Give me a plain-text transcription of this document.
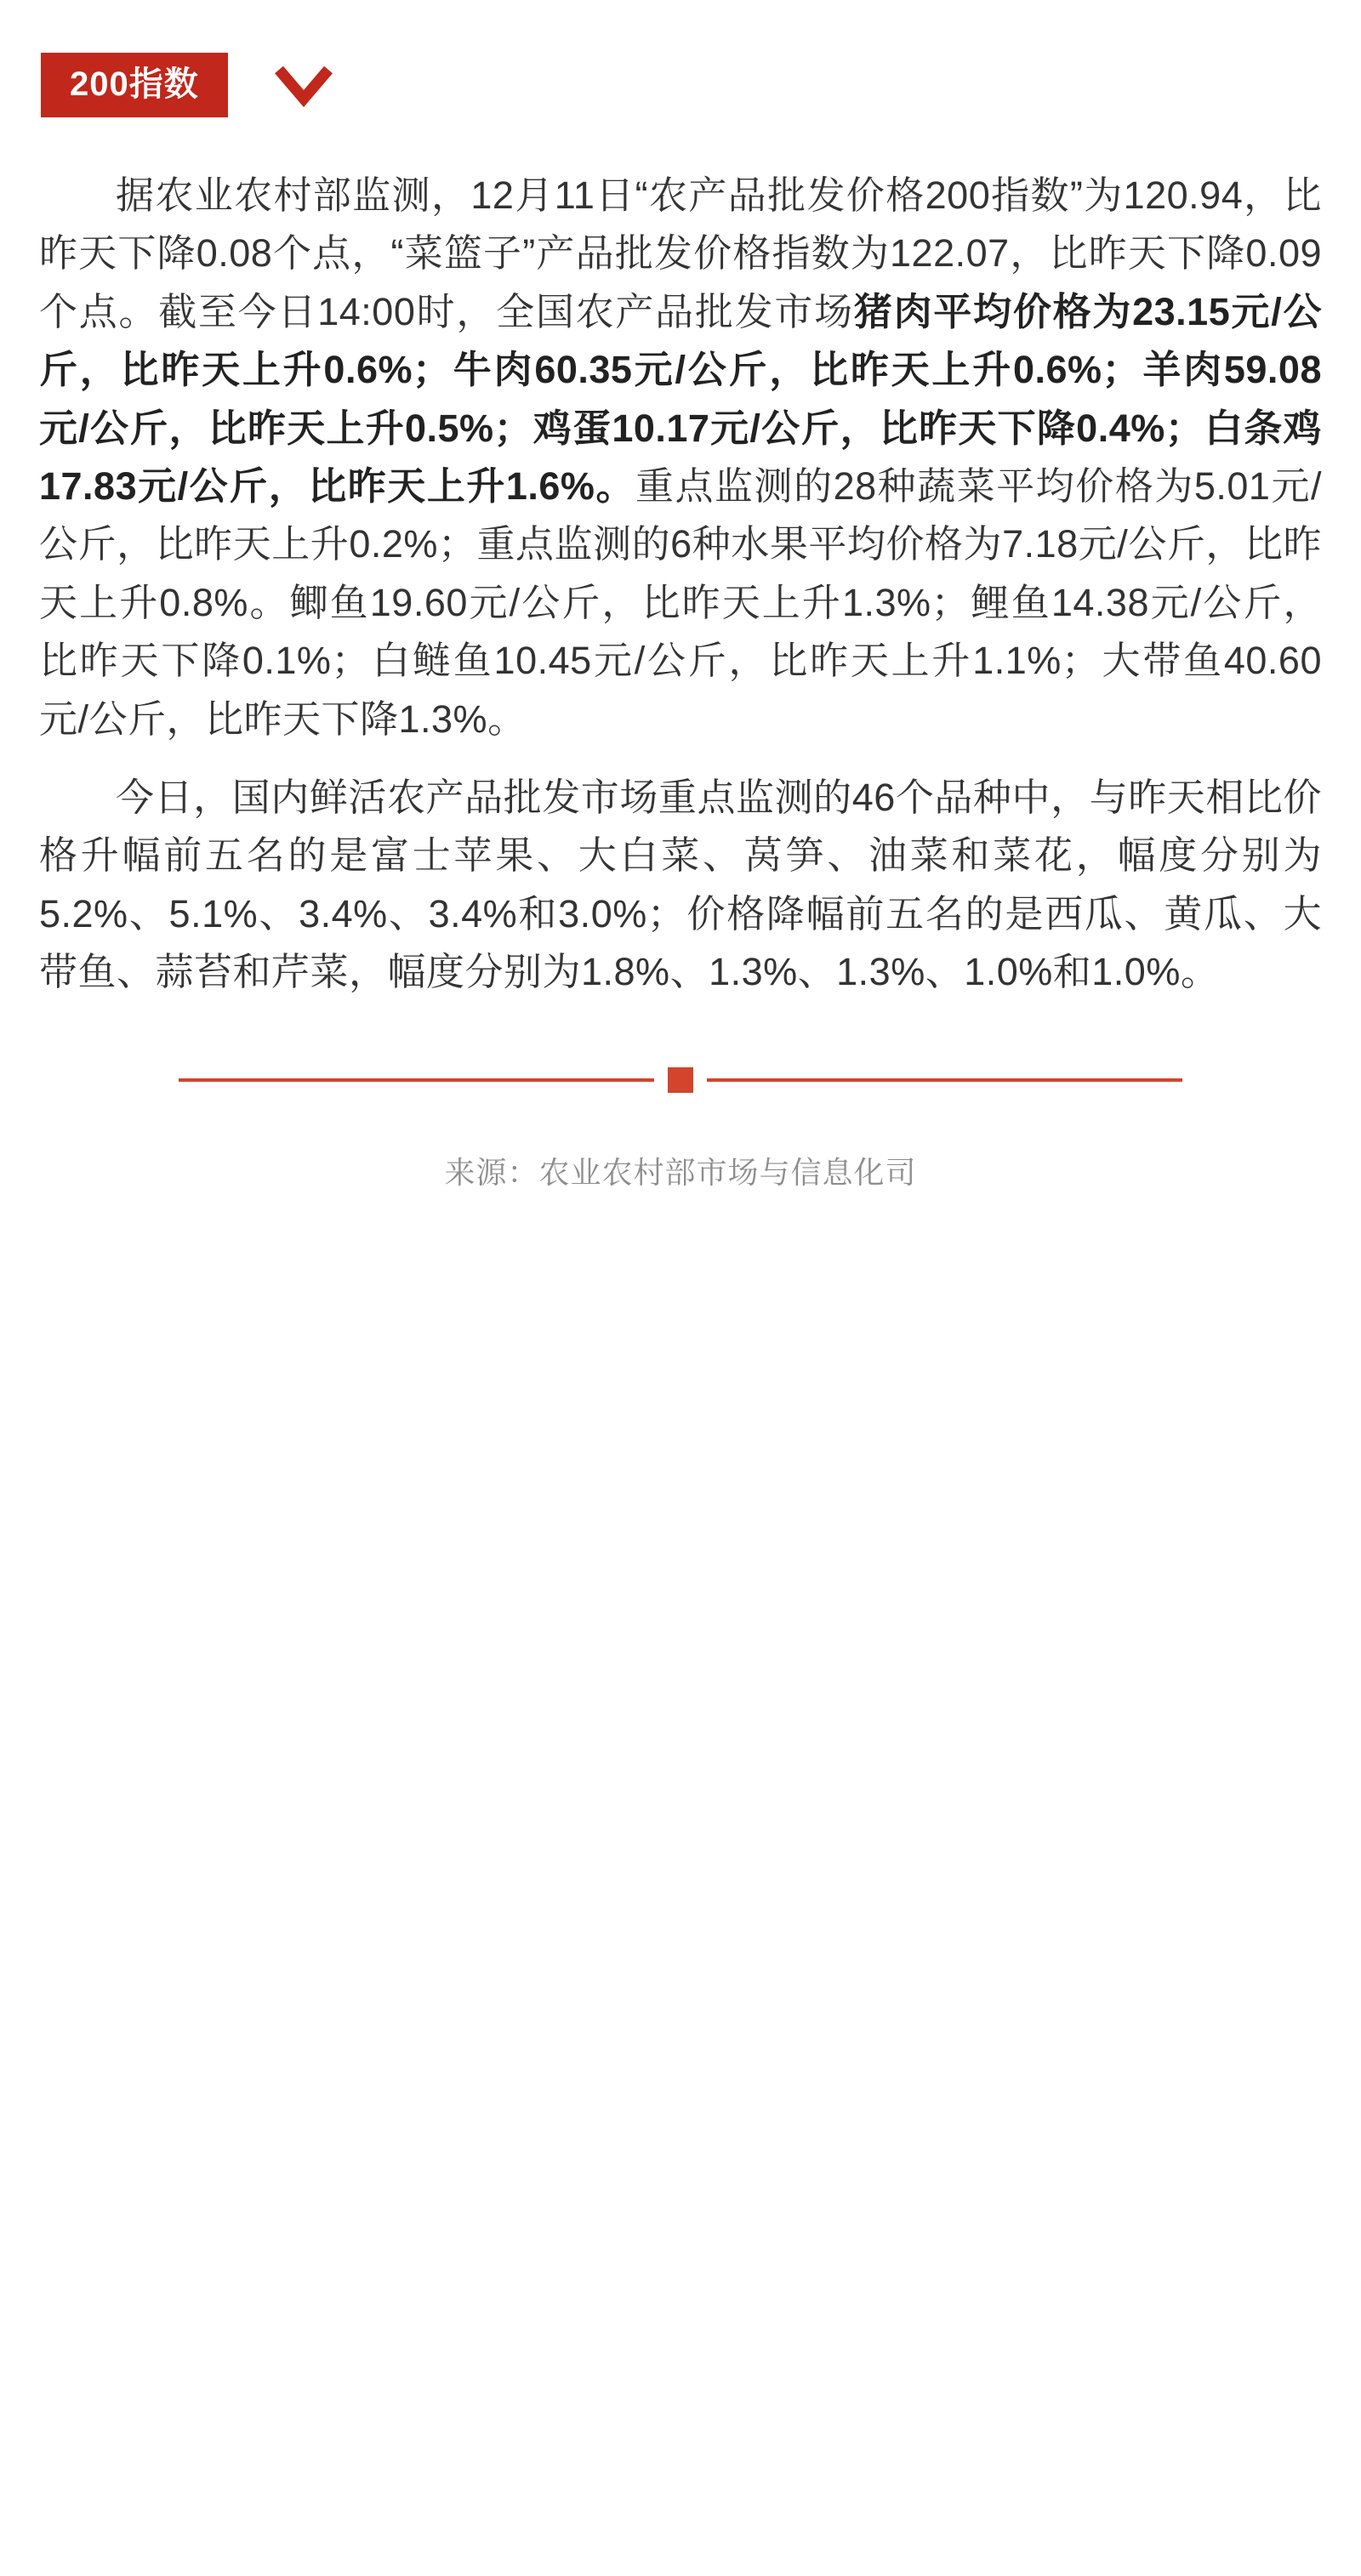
200指数

据农业农村部监测，12月11日“农产品批发价格200指数”为120.94，比昨天下降0.08个点，“菜篮子”产品批发价格指数为122.07，比昨天下降0.09个点。截至今日14:00时，全国农产品批发市场猪肉平均价格为23.15元/公斤，比昨天上升0.6%；牛肉60.35元/公斤，比昨天上升0.6%；羊肉59.08元/公斤，比昨天上升0.5%；鸡蛋10.17元/公斤，比昨天下降0.4%；白条鸡17.83元/公斤，比昨天上升1.6%。重点监测的28种蔬菜平均价格为5.01元/公斤，比昨天上升0.2%；重点监测的6种水果平均价格为7.18元/公斤，比昨天上升0.8%。鲫鱼19.60元/公斤，比昨天上升1.3%；鲤鱼14.38元/公斤，比昨天下降0.1%；白鲢鱼10.45元/公斤，比昨天上升1.1%；大带鱼40.60元/公斤，比昨天下降1.3%。

今日，国内鲜活农产品批发市场重点监测的46个品种中，与昨天相比价格升幅前五名的是富士苹果、大白菜、莴笋、油菜和菜花，幅度分别为5.2%、5.1%、3.4%、3.4%和3.0%；价格降幅前五名的是西瓜、黄瓜、大带鱼、蒜苔和芹菜，幅度分别为1.8%、1.3%、1.3%、1.0%和1.0%。

来源：农业农村部市场与信息化司
